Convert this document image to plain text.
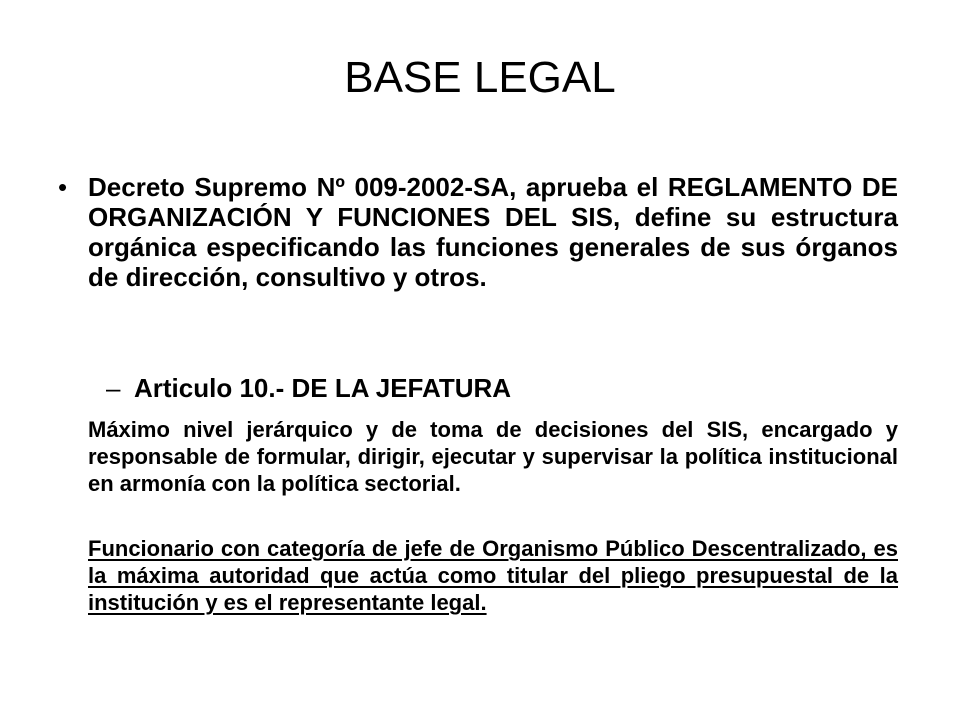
BASE LEGAL
• Decreto Supremo Nº 009-2002-SA, aprueba el REGLAMENTO DE ORGANIZACIÓN Y FUNCIONES DEL SIS, define su estructura orgánica especificando las funciones generales de sus órganos de dirección, consultivo y otros.

– Articulo 10.- DE LA JEFATURA

Máximo nivel jerárquico y de toma de decisiones del SIS, encargado y responsable de formular, dirigir, ejecutar y supervisar la política institucional en armonía con la política sectorial.

Funcionario con categoría de jefe de Organismo Público Descentralizado, es la máxima autoridad que actúa como titular del pliego presupuestal de la institución y es el representante legal.
